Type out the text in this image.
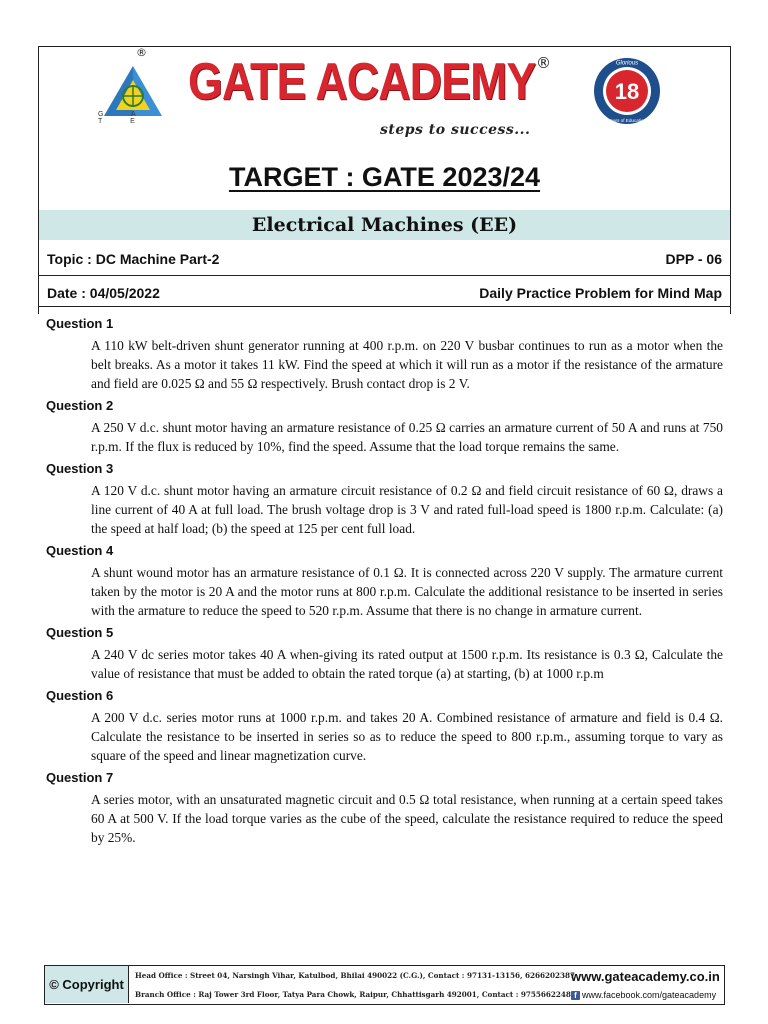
®
G A T E
GATE ACADEMY ®
steps to success...
Glorious
18
Years of Education
TARGET : GATE 2023/24
Electrical Machines (EE)
Topic : DC Machine Part-2	DPP - 06
Date : 04/05/2022	Daily Practice Problem for Mind Map
Question 1
A 110 kW belt-driven shunt generator running at 400 r.p.m. on 220 V busbar continues to run as a motor when the belt breaks. As a motor it takes 11 kW. Find the speed at which it will run as a motor if the resistance of the armature and field are 0.025 Ω and 55 Ω respectively. Brush contact drop is 2 V.
Question 2
A 250 V d.c. shunt motor having an armature resistance of 0.25 Ω carries an armature current of 50 A and runs at 750 r.p.m. If the flux is reduced by 10%, find the speed. Assume that the load torque remains the same.
Question 3
A 120 V d.c. shunt motor having an armature circuit resistance of 0.2 Ω and field circuit resistance of 60 Ω, draws a line current of 40 A at full load. The brush voltage drop is 3 V and rated full-load speed is 1800 r.p.m. Calculate: (a) the speed at half load; (b) the speed at 125 per cent full load.
Question 4
A shunt wound motor has an armature resistance of 0.1 Ω. It is connected across 220 V supply. The armature current taken by the motor is 20 A and the motor runs at 800 r.p.m. Calculate the additional resistance to be inserted in series with the armature to reduce the speed to 520 r.p.m. Assume that there is no change in armature current.
Question 5
A 240 V dc series motor takes 40 A when-giving its rated output at 1500 r.p.m. Its resistance is 0.3 Ω, Calculate the value of resistance that must be added to obtain the rated torque (a) at starting, (b) at 1000 r.p.m
Question 6
A 200 V d.c. series motor runs at 1000 r.p.m. and takes 20 A. Combined resistance of armature and field is 0.4 Ω. Calculate the resistance to be inserted in series so as to reduce the speed to 800 r.p.m., assuming torque to vary as square of the speed and linear magnetization curve.
Question 7
A series motor, with an unsaturated magnetic circuit and 0.5 Ω total resistance, when running at a certain speed takes 60 A at 500 V. If the load torque varies as the cube of the speed, calculate the resistance required to reduce the speed by 25%.
© Copyright
Head Office : Street 04, Narsingh Vihar, Katulbod, Bhilai 490022 (C.G.), Contact : 97131-13156, 6266202387
Branch Office : Raj Tower 3rd Floor, Tatya Para Chowk, Raipur, Chhattisgarh 492001, Contact : 9755662248
www.gateacademy.co.in
f www.facebook.com/gateacademy
